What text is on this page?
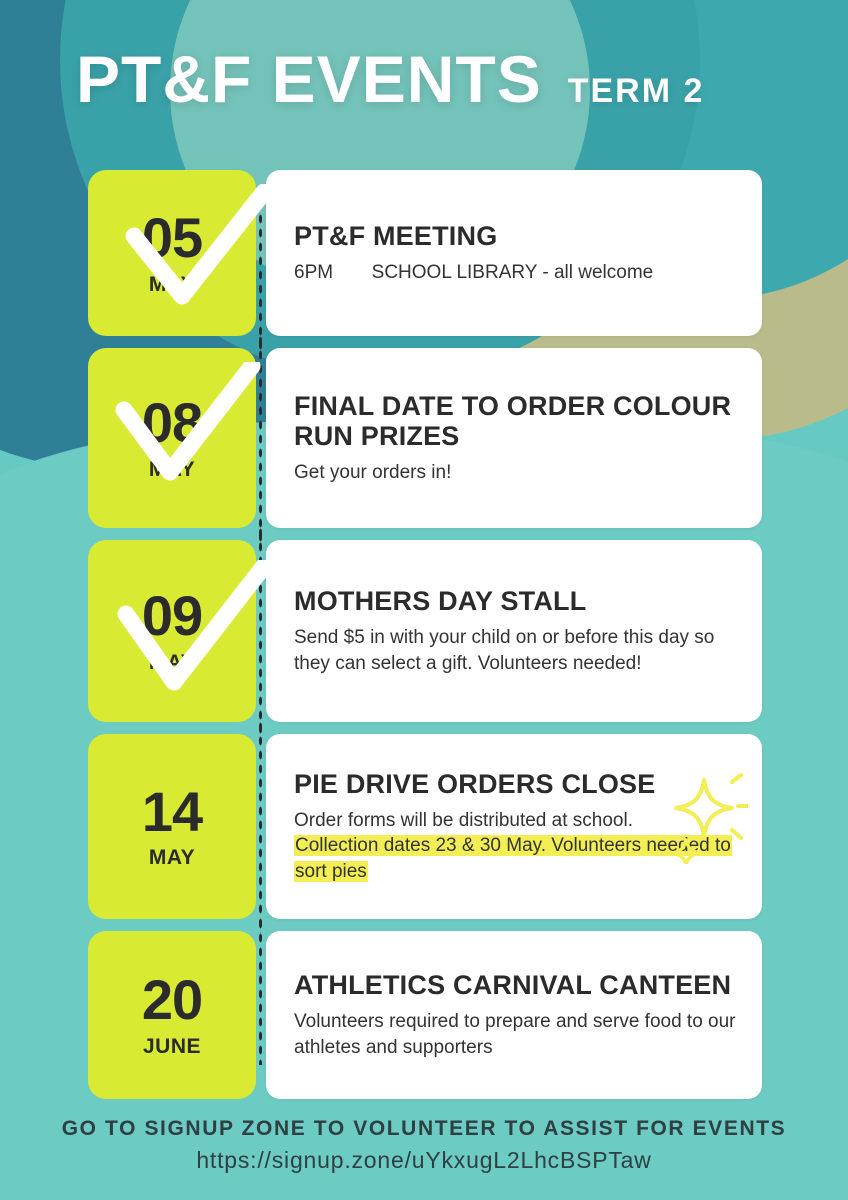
PT&F EVENTS TERM 2
05
MAY
PT&F MEETING
6PM SCHOOL LIBRARY - all welcome
08
MAY
FINAL DATE TO ORDER COLOUR RUN PRIZES
Get your orders in!
09
MAY
MOTHERS DAY STALL
Send $5 in with your child on or before this day so they can select a gift. Volunteers needed!
14
MAY
PIE DRIVE ORDERS CLOSE
Order forms will be distributed at school.
Collection dates 23 & 30 May. Volunteers needed to sort pies
20
JUNE
ATHLETICS CARNIVAL CANTEEN
Volunteers required to prepare and serve food to our athletes and supporters
GO TO SIGNUP ZONE TO VOLUNTEER TO ASSIST FOR EVENTS
https://signup.zone/uYkxugL2LhcBSPTaw
